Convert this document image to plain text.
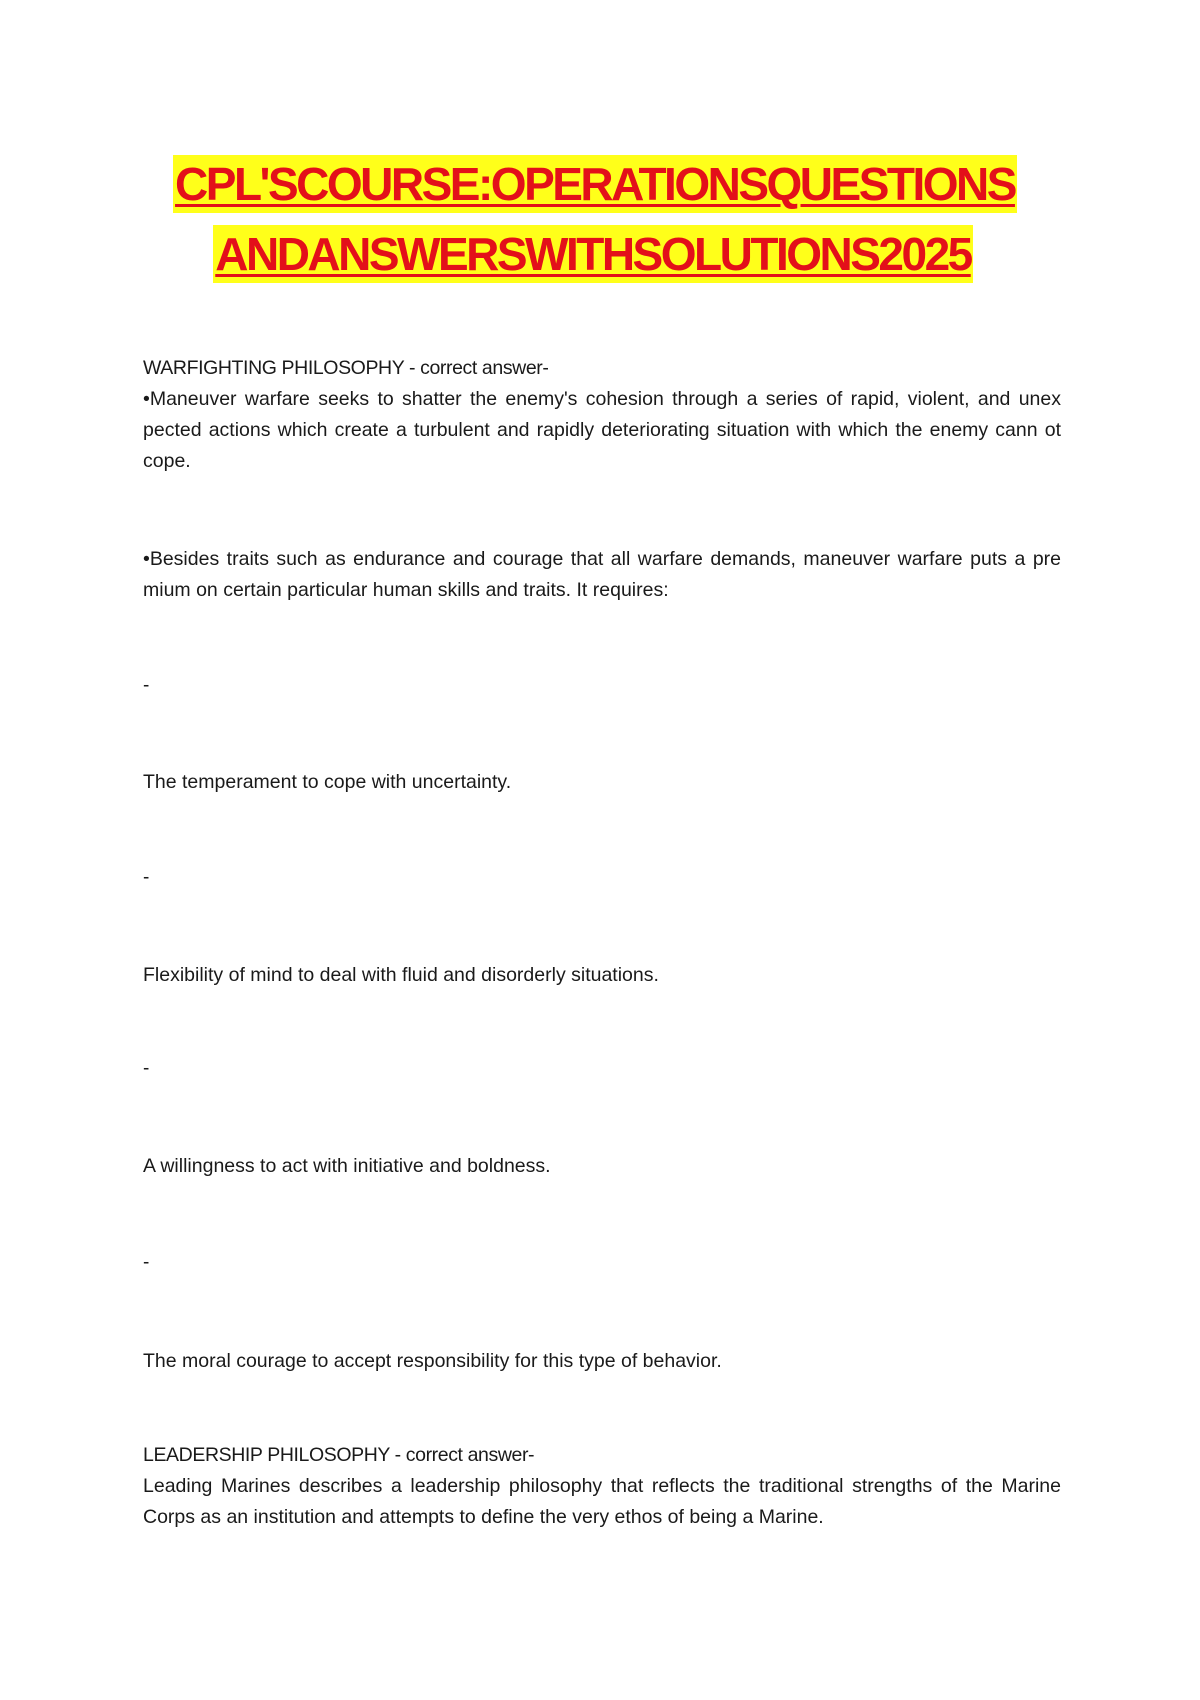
CPL'SCOURSE:OPERATIONSQUESTIONS
ANDANSWERSWITHSOLUTIONS2025
WARFIGHTING PHILOSOPHY - correct answer-
•Maneuver warfare seeks to shatter the enemy's cohesion through a series of rapid, violent, and unex pected actions which create a turbulent and rapidly deteriorating situation with which the enemy cann ot cope.
•Besides traits such as endurance and courage that all warfare demands, maneuver warfare puts a pre mium on certain particular human skills and traits. It requires:
-
The temperament to cope with uncertainty.
-
Flexibility of mind to deal with fluid and disorderly situations.
-
A willingness to act with initiative and boldness.
-
The moral courage to accept responsibility for this type of behavior.
LEADERSHIP PHILOSOPHY - correct answer-
Leading Marines describes a leadership philosophy that reflects the traditional strengths of the Marine Corps as an institution and attempts to define the very ethos of being a Marine.
